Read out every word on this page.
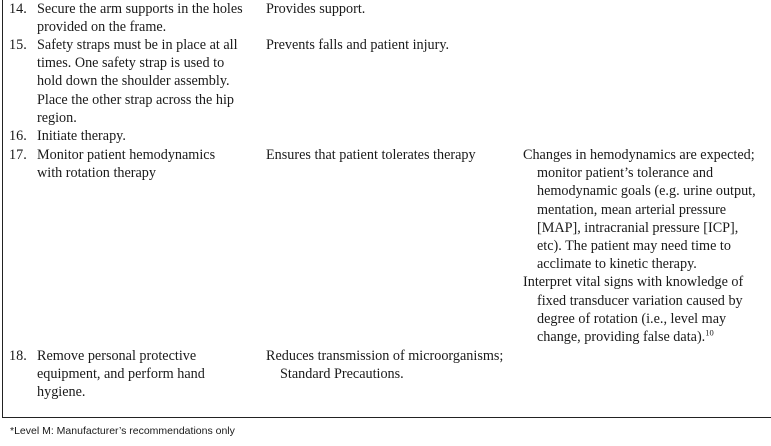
14. Secure the arm supports in the holes provided on the frame.
Provides support.
15. Safety straps must be in place at all times. One safety strap is used to hold down the shoulder assembly. Place the other strap across the hip region.
Prevents falls and patient injury.
16. Initiate therapy.
17. Monitor patient hemodynamics with rotation therapy
Ensures that patient tolerates therapy	Changes in hemodynamics are expected; monitor patient’s tolerance and hemodynamic goals (e.g. urine output, mentation, mean arterial pressure [MAP], intracranial pressure [ICP], etc). The patient may need time to acclimate to kinetic therapy.
Interpret vital signs with knowledge of fixed transducer variation caused by degree of rotation (i.e., level may change, providing false data).$^{10}$
18. Remove personal protective equipment, and perform hand hygiene.
Reduces transmission of microorganisms; Standard Precautions.
*Level M: Manufacturer’s recommendations only
